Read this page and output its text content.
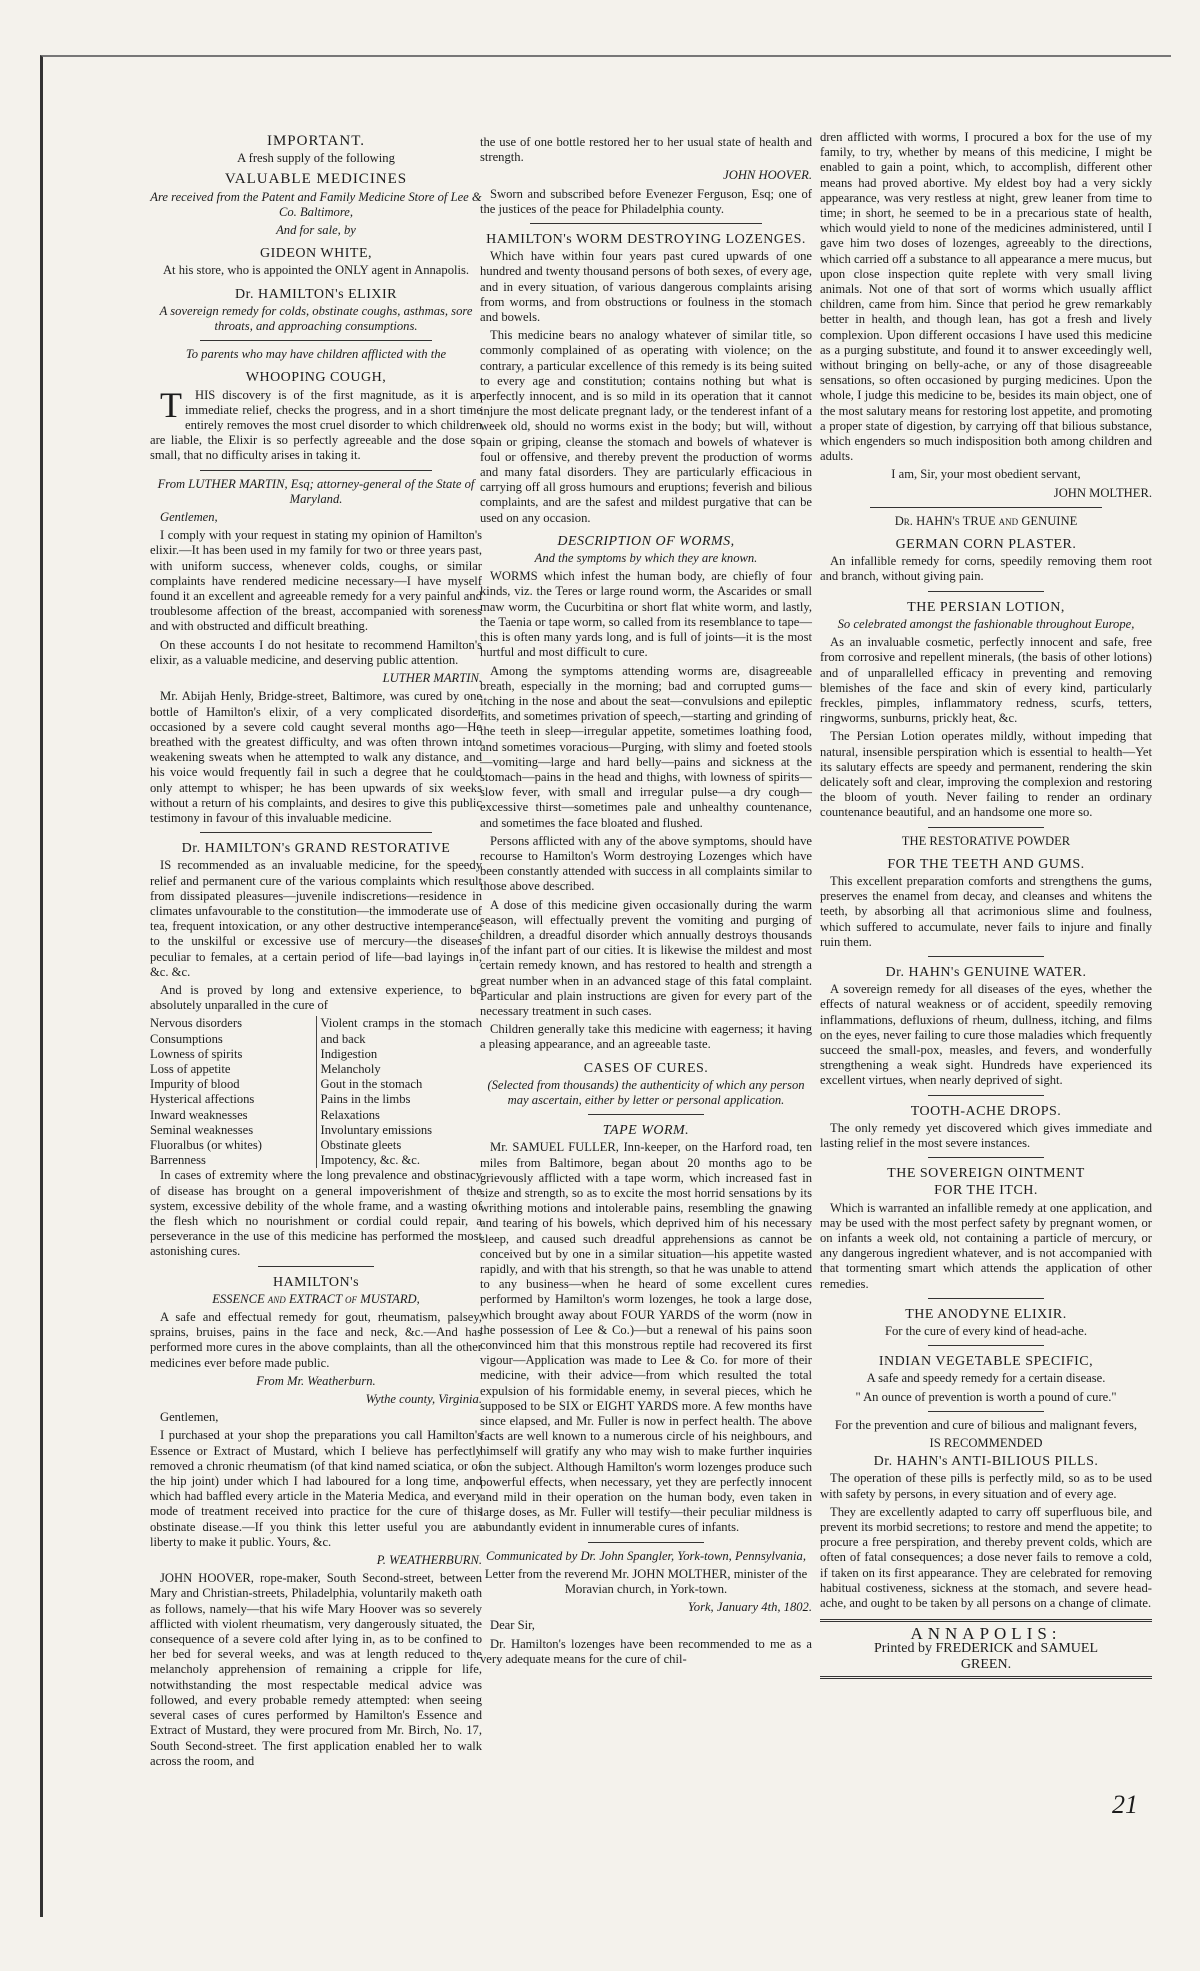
IMPORTANT.

A fresh supply of the following

VALUABLE MEDICINES

Are received from the Patent and Family Medicine Store of Lee & Co. Baltimore,

And for sale, by

GIDEON WHITE,

At his store, who is appointed the ONLY agent in Annapolis.

Dr. HAMILTON's ELIXIR

A sovereign remedy for colds, obstinate coughs, asthmas, sore throats, and approaching consumptions.

To parents who may have children afflicted with the

WHOOPING COUGH,

T HIS discovery is of the first magnitude, as it is an immediate relief, checks the progress, and in a short time entirely removes the most cruel disorder to which children are liable, the Elixir is so perfectly agreeable and the dose so small, that no difficulty arises in taking it.

From LUTHER MARTIN, Esq; attorney-general of the State of Maryland.

Gentlemen,

I comply with your request in stating my opinion of Hamilton's elixir.—It has been used in my family for two or three years past, with uniform success, whenever colds, coughs, or similar complaints have rendered medicine necessary—I have myself found it an excellent and agreeable remedy for a very painful and troublesome affection of the breast, accompanied with soreness and with obstructed and difficult breathing.

On these accounts I do not hesitate to recommend Hamilton's elixir, as a valuable medicine, and deserving public attention.

LUTHER MARTIN.

Mr. Abijah Henly, Bridge-street, Baltimore, was cured by one bottle of Hamilton's elixir, of a very complicated disorder occasioned by a severe cold caught several months ago—He breathed with the greatest difficulty, and was often thrown into weakening sweats when he attempted to walk any distance, and his voice would frequently fail in such a degree that he could only attempt to whisper; he has been upwards of six weeks without a return of his complaints, and desires to give this public testimony in favour of this invaluable medicine.

Dr. HAMILTON's GRAND RESTORATIVE

IS recommended as an invaluable medicine, for the speedy relief and permanent cure of the various complaints which result from dissipated pleasures—juvenile indiscretions—residence in climates unfavourable to the constitution—the immoderate use of tea, frequent intoxication, or any other destructive intemperance to the unskilful or excessive use of mercury—the diseases peculiar to females, at a certain period of life—bad layings in, &c. &c.

And is proved by long and extensive experience, to be absolutely unparalled in the cure of

Nervous disorders
Consumptions
Lowness of spirits
Loss of appetite
Impurity of blood
Hysterical affections
Inward weaknesses
Seminal weaknesses
Fluoralbus (or whites)
Barrenness
Violent cramps in the stomach and back
Indigestion
Melancholy
Gout in the stomach
Pains in the limbs
Relaxations
Involuntary emissions
Obstinate gleets
Impotency, &c. &c.

In cases of extremity where the long prevalence and obstinacy of disease has brought on a general impoverishment of the system, excessive debility of the whole frame, and a wasting of the flesh which no nourishment or cordial could repair, a perseverance in the use of this medicine has performed the most astonishing cures.

HAMILTON's

ESSENCE and EXTRACT of MUSTARD,

A safe and effectual remedy for gout, rheumatism, palsey, sprains, bruises, pains in the face and neck, &c.—And has performed more cures in the above complaints, than all the other medicines ever before made public.

From Mr. Weatherburn.

Wythe county, Virginia.

Gentlemen,

I purchased at your shop the preparations you call Hamilton's Essence or Extract of Mustard, which I believe has perfectly removed a chronic rheumatism (of that kind named sciatica, or of the hip joint) under which I had laboured for a long time, and which had baffled every article in the Materia Medica, and every mode of treatment received into practice for the cure of this obstinate disease.—If you think this letter useful you are at liberty to make it public. Yours, &c.

P. WEATHERBURN.

JOHN HOOVER, rope-maker, South Second-street, between Mary and Christian-streets, Philadelphia, voluntarily maketh oath as follows, namely—that his wife Mary Hoover was so severely afflicted with violent rheumatism, very dangerously situated, the consequence of a severe cold after lying in, as to be confined to her bed for several weeks, and was at length reduced to the melancholy apprehension of remaining a cripple for life, notwithstanding the most respectable medical advice was followed, and every probable remedy attempted: when seeing several cases of cures performed by Hamilton's Essence and Extract of Mustard, they were procured from Mr. Birch, No. 17, South Second-street. The first application enabled her to walk across the room, and

the use of one bottle restored her to her usual state of health and strength.

JOHN HOOVER.

Sworn and subscribed before Evenezer Ferguson, Esq; one of the justices of the peace for Philadelphia county.

HAMILTON's WORM DESTROYING LOZENGES.

Which have within four years past cured upwards of one hundred and twenty thousand persons of both sexes, of every age, and in every situation, of various dangerous complaints arising from worms, and from obstructions or foulness in the stomach and bowels.

This medicine bears no analogy whatever of similar title, so commonly complained of as operating with violence; on the contrary, a particular excellence of this remedy is its being suited to every age and constitution; contains nothing but what is perfectly innocent, and is so mild in its operation that it cannot injure the most delicate pregnant lady, or the tenderest infant of a week old, should no worms exist in the body; but will, without pain or griping, cleanse the stomach and bowels of whatever is foul or offensive, and thereby prevent the production of worms and many fatal disorders. They are particularly efficacious in carrying off all gross humours and eruptions; feverish and bilious complaints, and are the safest and mildest purgative that can be used on any occasion.

DESCRIPTION OF WORMS,

And the symptoms by which they are known.

WORMS which infest the human body, are chiefly of four kinds, viz. the Teres or large round worm, the Ascarides or small maw worm, the Cucurbitina or short flat white worm, and lastly, the Taenia or tape worm, so called from its resemblance to tape—this is often many yards long, and is full of joints—it is the most hurtful and most difficult to cure.

Among the symptoms attending worms are, disagreeable breath, especially in the morning; bad and corrupted gums—itching in the nose and about the seat—convulsions and epileptic fits, and sometimes privation of speech,—starting and grinding of the teeth in sleep—irregular appetite, sometimes loathing food, and sometimes voracious—Purging, with slimy and foeted stools—vomiting—large and hard belly—pains and sickness at the stomach—pains in the head and thighs, with lowness of spirits—slow fever, with small and irregular pulse—a dry cough—excessive thirst—sometimes pale and unhealthy countenance, and sometimes the face bloated and flushed.

Persons afflicted with any of the above symptoms, should have recourse to Hamilton's Worm destroying Lozenges which have been constantly attended with success in all complaints similar to those above described.

A dose of this medicine given occasionally during the warm season, will effectually prevent the vomiting and purging of children, a dreadful disorder which annually destroys thousands of the infant part of our cities. It is likewise the mildest and most certain remedy known, and has restored to health and strength a great number when in an advanced stage of this fatal complaint. Particular and plain instructions are given for every part of the necessary treatment in such cases.

Children generally take this medicine with eagerness; it having a pleasing appearance, and an agreeable taste.

CASES OF CURES.

(Selected from thousands) the authenticity of which any person may ascertain, either by letter or personal application.

TAPE WORM.

Mr. SAMUEL FULLER, Inn-keeper, on the Harford road, ten miles from Baltimore, began about 20 months ago to be grievously afflicted with a tape worm, which increased fast in size and strength, so as to excite the most horrid sensations by its writhing motions and intolerable pains, resembling the gnawing and tearing of his bowels, which deprived him of his necessary sleep, and caused such dreadful apprehensions as cannot be conceived but by one in a similar situation—his appetite wasted rapidly, and with that his strength, so that he was unable to attend to any business—when he heard of some excellent cures performed by Hamilton's worm lozenges, he took a large dose, which brought away about FOUR YARDS of the worm (now in the possession of Lee & Co.)—but a renewal of his pains soon convinced him that this monstrous reptile had recovered its first vigour—Application was made to Lee & Co. for more of their medicine, with their advice—from which resulted the total expulsion of his formidable enemy, in several pieces, which he supposed to be SIX or EIGHT YARDS more. A few months have since elapsed, and Mr. Fuller is now in perfect health. The above facts are well known to a numerous circle of his neighbours, and himself will gratify any who may wish to make further inquiries on the subject. Although Hamilton's worm lozenges produce such powerful effects, when necessary, yet they are perfectly innocent and mild in their operation on the human body, even taken in large doses, as Mr. Fuller will testify—their peculiar mildness is abundantly evident in innumerable cures of infants.

Communicated by Dr. John Spangler, York-town, Pennsylvania,

Letter from the reverend Mr. JOHN MOLTHER, minister of the Moravian church, in York-town.

York, January 4th, 1802.

Dear Sir,

Dr. Hamilton's lozenges have been recommended to me as a very adequate means for the cure of chil-

dren afflicted with worms, I procured a box for the use of my family, to try, whether by means of this medicine, I might be enabled to gain a point, which, to accomplish, different other means had proved abortive. My eldest boy had a very sickly appearance, was very restless at night, grew leaner from time to time; in short, he seemed to be in a precarious state of health, which would yield to none of the medicines administered, until I gave him two doses of lozenges, agreeably to the directions, which carried off a substance to all appearance a mere mucus, but upon close inspection quite replete with very small living animals. Not one of that sort of worms which usually afflict children, came from him. Since that period he grew remarkably better in health, and though lean, has got a fresh and lively complexion. Upon different occasions I have used this medicine as a purging substitute, and found it to answer exceedingly well, without bringing on belly-ache, or any of those disagreeable sensations, so often occasioned by purging medicines. Upon the whole, I judge this medicine to be, besides its main object, one of the most salutary means for restoring lost appetite, and promoting a proper state of digestion, by carrying off that bilious substance, which engenders so much indisposition both among children and adults.

I am, Sir, your most obedient servant,

JOHN MOLTHER.

Dr. HAHN's TRUE and GENUINE

GERMAN CORN PLASTER.

An infallible remedy for corns, speedily removing them root and branch, without giving pain.

THE PERSIAN LOTION,

So celebrated amongst the fashionable throughout Europe,

As an invaluable cosmetic, perfectly innocent and safe, free from corrosive and repellent minerals, (the basis of other lotions) and of unparallelled efficacy in preventing and removing blemishes of the face and skin of every kind, particularly freckles, pimples, inflammatory redness, scurfs, tetters, ringworms, sunburns, prickly heat, &c.

The Persian Lotion operates mildly, without impeding that natural, insensible perspiration which is essential to health—Yet its salutary effects are speedy and permanent, rendering the skin delicately soft and clear, improving the complexion and restoring the bloom of youth. Never failing to render an ordinary countenance beautiful, and an handsome one more so.

THE RESTORATIVE POWDER

FOR THE TEETH AND GUMS.

This excellent preparation comforts and strengthens the gums, preserves the enamel from decay, and cleanses and whitens the teeth, by absorbing all that acrimonious slime and foulness, which suffered to accumulate, never fails to injure and finally ruin them.

Dr. HAHN's GENUINE WATER.

A sovereign remedy for all diseases of the eyes, whether the effects of natural weakness or of accident, speedily removing inflammations, defluxions of rheum, dullness, itching, and films on the eyes, never failing to cure those maladies which frequently succeed the small-pox, measles, and fevers, and wonderfully strengthening a weak sight. Hundreds have experienced its excellent virtues, when nearly deprived of sight.

TOOTH-ACHE DROPS.

The only remedy yet discovered which gives immediate and lasting relief in the most severe instances.

THE SOVEREIGN OINTMENT
FOR THE ITCH.

Which is warranted an infallible remedy at one application, and may be used with the most perfect safety by pregnant women, or on infants a week old, not containing a particle of mercury, or any dangerous ingredient whatever, and is not accompanied with that tormenting smart which attends the application of other remedies.

THE ANODYNE ELIXIR.

For the cure of every kind of head-ache.

INDIAN VEGETABLE SPECIFIC,

A safe and speedy remedy for a certain disease.

" An ounce of prevention is worth a pound of cure."

For the prevention and cure of bilious and malignant fevers,

IS RECOMMENDED

Dr. HAHN's ANTI-BILIOUS PILLS.

The operation of these pills is perfectly mild, so as to be used with safety by persons, in every situation and of every age.

They are excellently adapted to carry off superfluous bile, and prevent its morbid secretions; to restore and mend the appetite; to procure a free perspiration, and thereby prevent colds, which are often of fatal consequences; a dose never fails to remove a cold, if taken on its first appearance. They are celebrated for removing habitual costiveness, sickness at the stomach, and severe head-ache, and ought to be taken by all persons on a change of climate.

ANNAPOLIS:
Printed by FREDERICK and SAMUEL
GREEN.
21
